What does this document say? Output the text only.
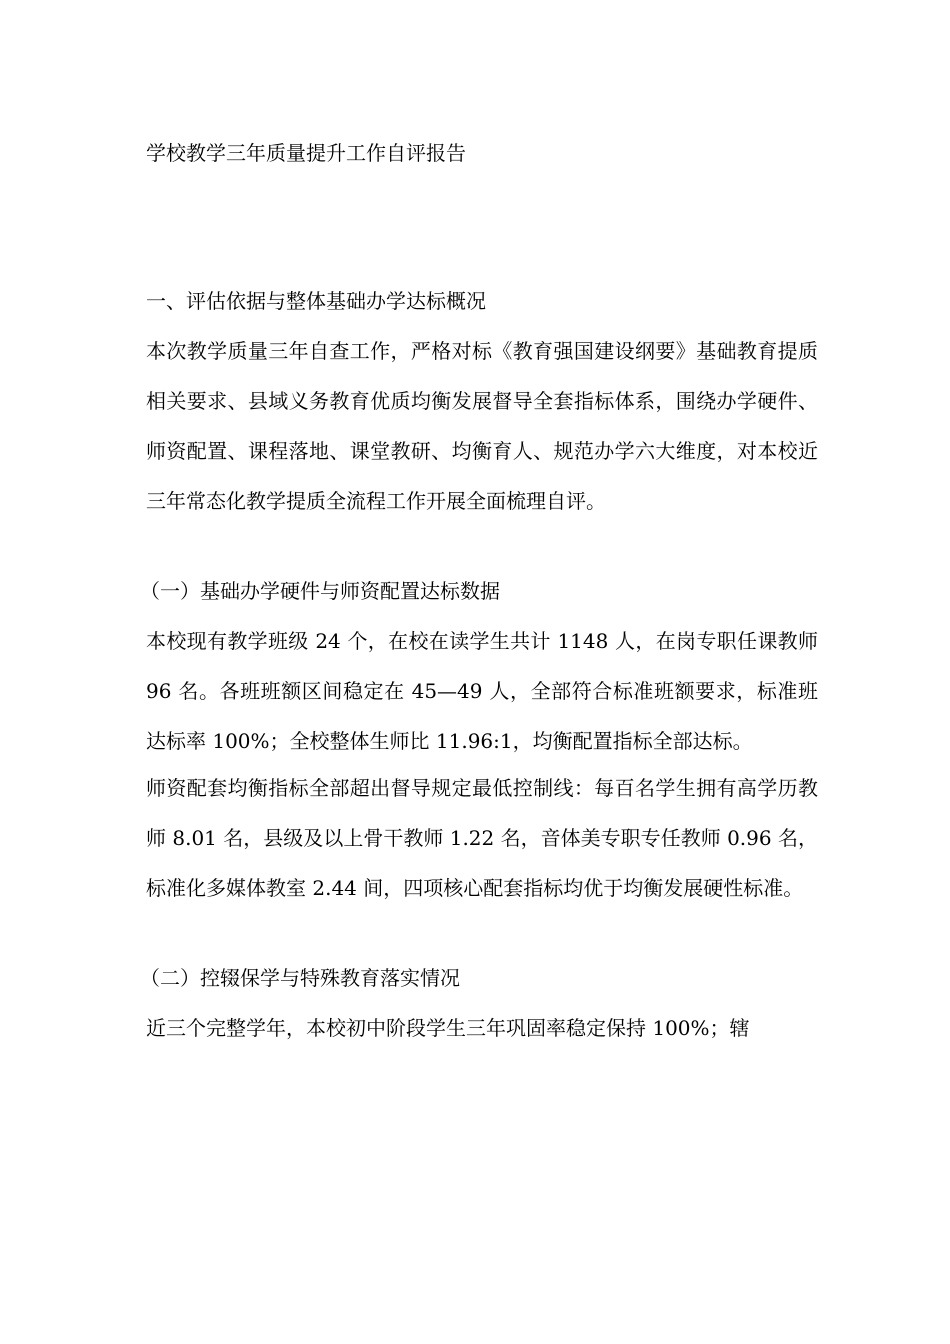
学校教学三年质量提升工作自评报告

一、评估依据与整体基础办学达标概况

本次教学质量三年自查工作，严格对标《教育强国建设纲要》基础教育提质相关要求、县域义务教育优质均衡发展督导全套指标体系，围绕办学硬件、师资配置、课程落地、课堂教研、均衡育人、规范办学六大维度，对本校近三年常态化教学提质全流程工作开展全面梳理自评。

（一）基础办学硬件与师资配置达标数据

本校现有教学班级 24 个，在校在读学生共计 1148 人，在岗专职任课教师 96 名。各班班额区间稳定在 45—49 人，全部符合标准班额要求，标准班达标率 100%；全校整体生师比 11.96:1，均衡配置指标全部达标。

师资配套均衡指标全部超出督导规定最低控制线：每百名学生拥有高学历教师 8.01 名，县级及以上骨干教师 1.22 名，音体美专职专任教师 0.96 名，标准化多媒体教室 2.44 间，四项核心配套指标均优于均衡发展硬性标准。

（二）控辍保学与特殊教育落实情况

近三个完整学年，本校初中阶段学生三年巩固率稳定保持 100%；辖
